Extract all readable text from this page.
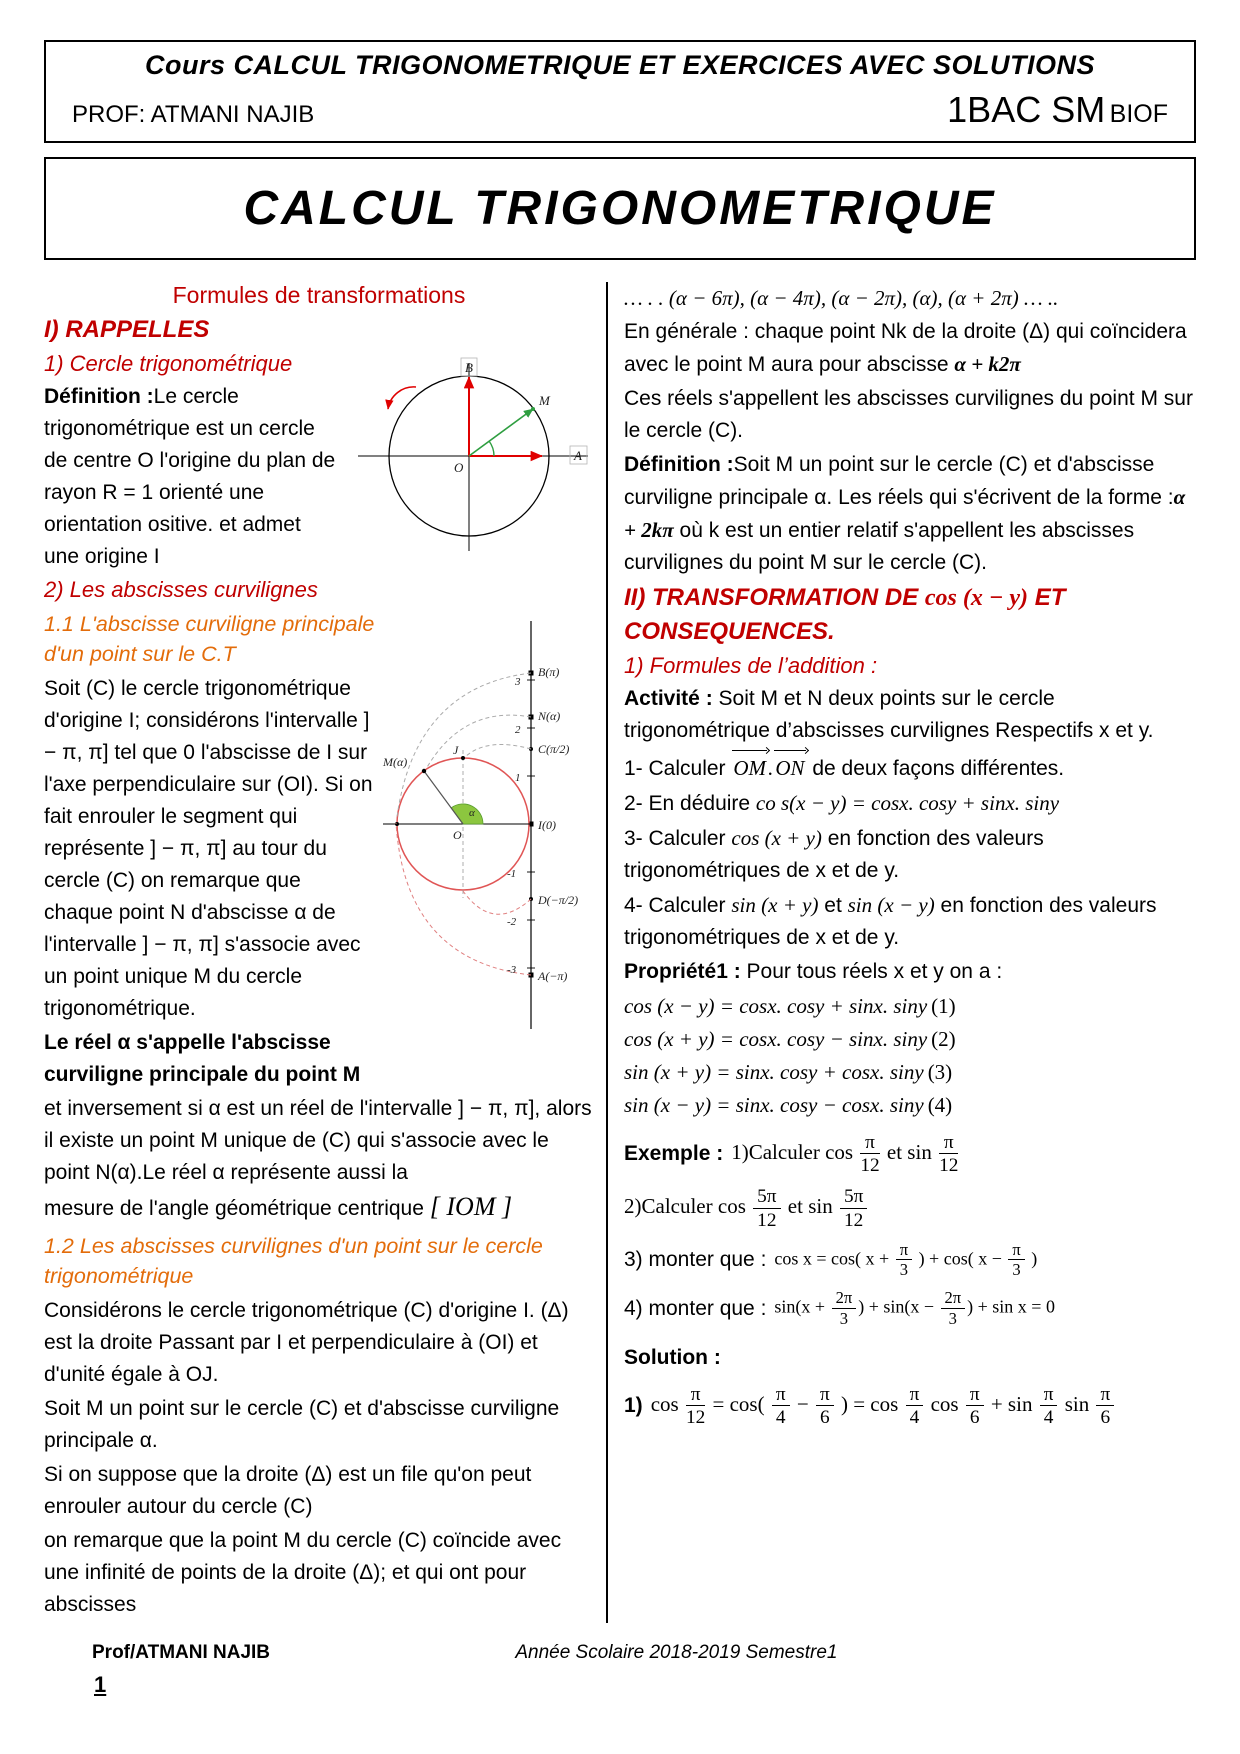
Cours CALCUL TRIGONOMETRIQUE ET EXERCICES AVEC SOLUTIONS
PROF: ATMANI NAJIB	1BAC SM BIOF
CALCUL TRIGONOMETRIQUE
Formules de transformations
I) RAPPELLES
B
M
O
A
1) Cercle trigonométrique

Définition :Le cercle trigonométrique est un cercle de centre O l'origine du plan de rayon R = 1 orienté une orientation ositive. et admet une origine I

2) Les abscisses curvilignes
3
2
1
-1
-2
-3
B(π)
N(α)
C(π/2)
J
I(0)
O
D(−π/2)
A(−π)
M(α)
α
1.1 L'abscisse curviligne principale d'un point sur le C.T

Soit (C) le cercle trigonométrique d'origine I; considérons l'intervalle ] − π, π] tel que 0 l'abscisse de I sur l'axe perpendiculaire sur (OI). Si on fait enrouler le segment qui représente ] − π, π] au tour du cercle (C) on remarque que chaque point N d'abscisse α de l'intervalle ] − π, π] s'associe avec un point unique M du cercle trigonométrique.

Le réel α s'appelle l'abscisse curviligne principale du point M

et inversement si α est un réel de l'intervalle ] − π, π], alors il existe un point M unique de (C) qui s'associe avec le point N(α).Le réel α représente aussi la

mesure de l'angle géométrique centrique [ IOM ]

1.2 Les abscisses curvilignes d'un point sur le cercle trigonométrique

Considérons le cercle trigonométrique (C) d'origine I. (Δ) est la droite Passant par I et perpendiculaire à (OI) et d'unité égale à OJ.

Soit M un point sur le cercle (C) et d'abscisse curviligne principale α.

Si on suppose que la droite (Δ) est un file qu'on peut enrouler autour du cercle (C)

on remarque que la point M du cercle (C) coïncide avec une infinité de points de la droite (Δ); et qui ont pour abscisses

… . . (α − 6π), (α − 4π), (α − 2π), (α), (α + 2π) … ..

En générale : chaque point Nk de la droite (Δ) qui coïncidera avec le point M aura pour abscisse α + k2π

Ces réels s'appellent les abscisses curvilignes du point M sur le cercle (C).

Définition :Soit M un point sur le cercle (C) et d'abscisse curviligne principale α. Les réels qui s'écrivent de la forme :α + 2kπ où k est un entier relatif s'appellent les abscisses curvilignes du point M sur le cercle (C).

II) TRANSFORMATION DE cos (x − y) ET CONSEQUENCES.
1) Formules de l’addition :

Activité : Soit M et N deux points sur le cercle trigonométrique d’abscisses curvilignes Respectifs x et y.

1- Calculer OM.ON de deux façons différentes.

2- En déduire co s(x − y) = cosx. cosy + sinx. siny

3- Calculer cos (x + y) en fonction des valeurs trigonométriques de x et de y.

4- Calculer sin (x + y) et sin (x − y) en fonction des valeurs trigonométriques de x et de y.

Propriété1 : Pour tous réels x et y on a :

cos (x − y) = cosx. cosy + sinx. siny (1)

cos (x + y) = cosx. cosy − sinx. siny (2)

sin (x + y) = sinx. cosy + cosx. siny (3)

sin (x − y) = sinx. cosy − cosx. siny (4)

Exemple : 1)Calculer $\cos \frac{\pi}{12}$ et $\sin \frac{\pi}{12}$

2)Calculer $\cos \frac{5\pi}{12}$ et $\sin \frac{5\pi}{12}$

3) monter que : cos x = cos( $x + \frac{\pi}{3}$ ) + cos( $x - \frac{\pi}{3}$ )

4) monter que : $\sin(x + \frac{2\pi}{3}$ ) + $\sin(x - \frac{2\pi}{3}$ ) + sin x = 0

Solution :

1) $\cos \frac{\pi}{12} = \cos( \frac{\pi}{4} - \frac{\pi}{6}$ ) = $\cos \frac{\pi}{4}$ $\cos \frac{\pi}{6} + \sin \frac{\pi}{4}$ $\sin \frac{\pi}{6}$

Prof/ATMANI NAJIB	Année Scolaire 2018-2019 Semestre1
1
